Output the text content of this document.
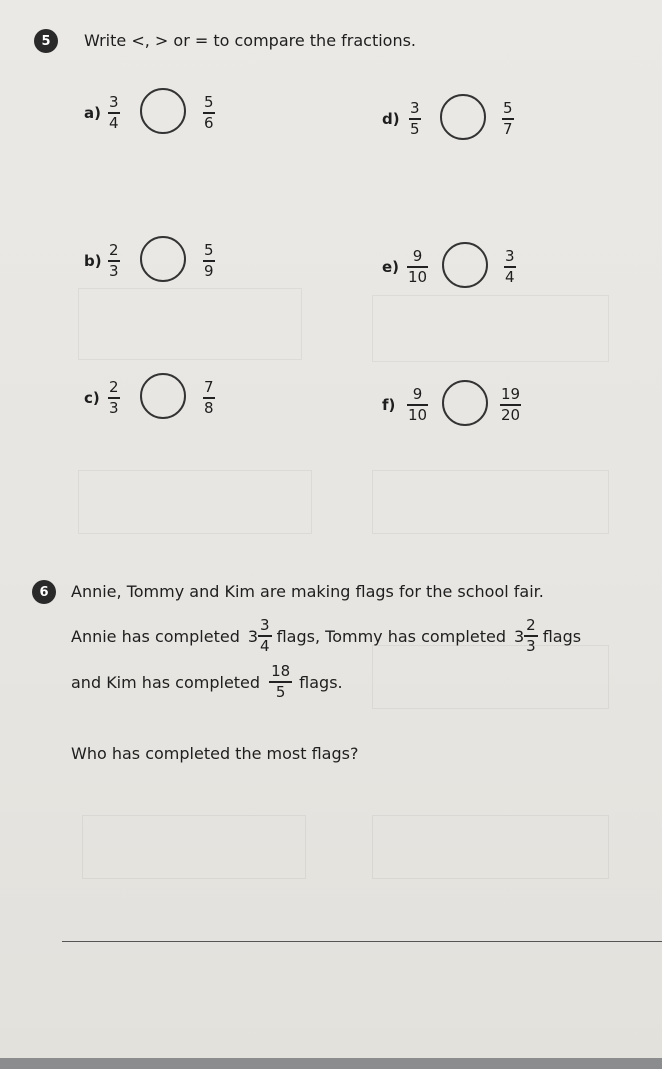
5	Write <, > or = to compare the fractions.
a)
3
4
5
6
b)
2
3
5
9
c)
2
3
7
8
d)
3
5
5
7
e)
9
10
3
4
f)
9
10
19
20
6	Annie, Tommy and Kim are making flags for the school fair.
Annie has completed $3 \frac{3}{4}$ flags, Tommy has completed $3 \frac{2}{3}$ flags
and Kim has completed $\frac{18}{5}$ flags.
Who has completed the most flags?
